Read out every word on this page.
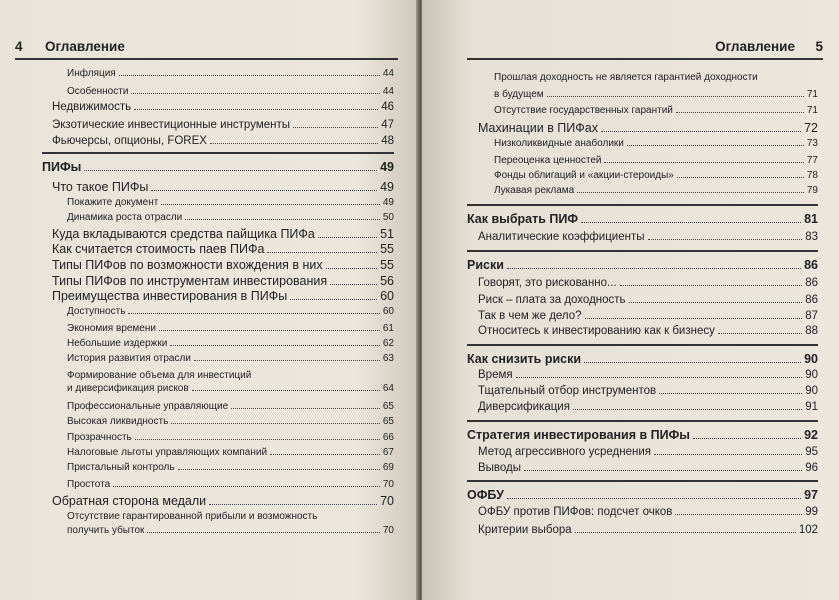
4 Оглавление
Инфляция	44
Особенности	44
Недвижимость	46
Экзотические инвестиционные инструменты	47
Фьючерсы, опционы, FOREX	48
ПИФы	49
Что такое ПИФы	49
Покажите документ	49
Динамика роста отрасли	50
Куда вкладываются средства пайщика ПИФа	51
Как считается стоимость паев ПИФа	55
Типы ПИФов по возможности вхождения в них	55
Типы ПИФов по инструментам инвестирования	56
Преимущества инвестирования в ПИФы	60
Доступность	60
Экономия времени	61
Небольшие издержки	62
История развития отрасли	63
Формирование объема для инвестиций
и диверсификация рисков	64
Профессиональные управляющие	65
Высокая ликвидность	65
Прозрачность	66
Налоговые льготы управляющих компаний	67
Пристальный контроль	69
Простота	70
Обратная сторона медали	70
Отсутствие гарантированной прибыли и возможность
получить убыток	70
Оглавление 5
Прошлая доходность не является гарантией доходности
в будущем	71
Отсутствие государственных гарантий	71
Махинации в ПИФах	72
Низколиквидные анаболики	73
Переоценка ценностей	77
Фонды облигаций и «акции-стероиды»	78
Лукавая реклама	79
Как выбрать ПИФ	81
Аналитические коэффициенты	83
Риски	86
Говорят, это рискованно...	86
Риск – плата за доходность	86
Так в чем же дело?	87
Относитесь к инвестированию как к бизнесу	88
Как снизить риски	90
Время	90
Тщательный отбор инструментов	90
Диверсификация	91
Стратегия инвестирования в ПИФы	92
Метод агрессивного усреднения	95
Выводы	96
ОФБУ	97
ОФБУ против ПИФов: подсчет очков	99
Критерии выбора	102
